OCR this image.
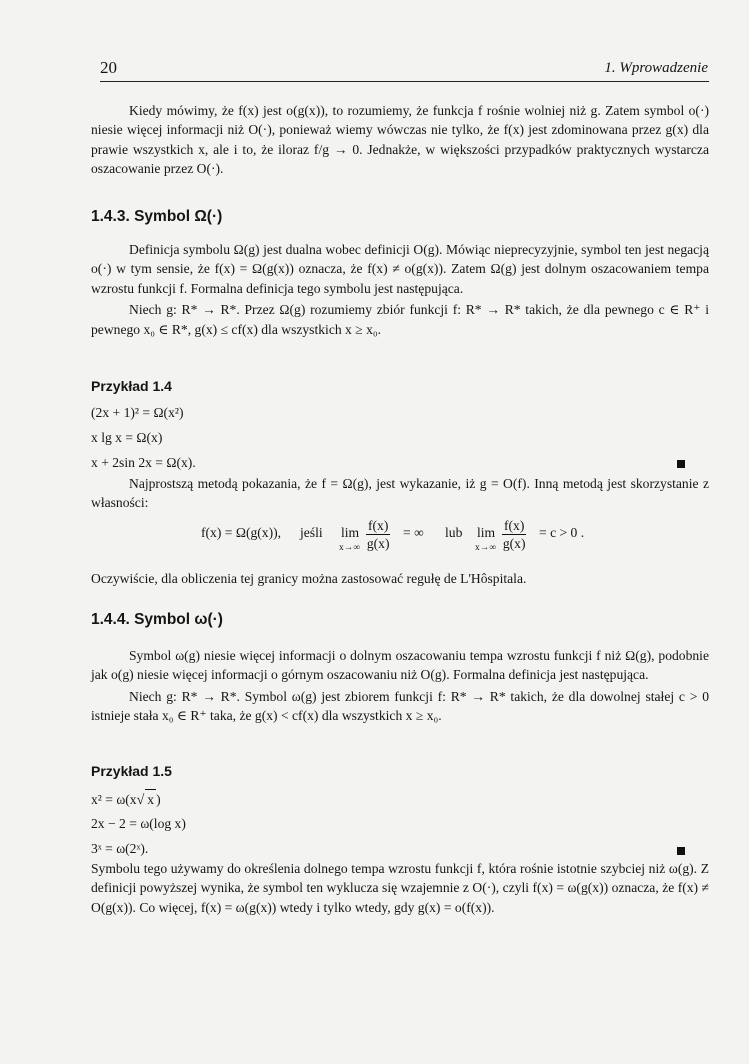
20	1. Wprowadzenie

Kiedy mówimy, że f(x) jest o(g(x)), to rozumiemy, że funkcja f rośnie wolniej niż g. Zatem symbol o(·) niesie więcej informacji niż O(·), ponieważ wiemy wówczas nie tylko, że f(x) jest zdominowana przez g(x) dla prawie wszystkich x, ale i to, że iloraz f/g → 0. Jednakże, w większości przypadków praktycznych wystarcza oszacowanie przez O(·).

1.4.3. Symbol Ω(·)

Definicja symbolu Ω(g) jest dualna wobec definicji O(g). Mówiąc nieprecyzyjnie, symbol ten jest negacją o(·) w tym sensie, że f(x) = Ω(g(x)) oznacza, że f(x) ≠ o(g(x)). Zatem Ω(g) jest dolnym oszacowaniem tempa wzrostu funkcji f. Formalna definicja tego symbolu jest następująca.

Niech g: R* → R*. Przez Ω(g) rozumiemy zbiór funkcji f: R* → R* takich, że dla pewnego c ∈ R⁺ i pewnego x₀ ∈ R*, g(x) ≤ cf(x) dla wszystkich x ≥ x₀.

Przykład 1.4
(2x + 1)² = Ω(x²)
x lg x = Ω(x)
x + 2sin 2x = Ω(x).

Najprostszą metodą pokazania, że f = Ω(g), jest wykazanie, iż g = O(f). Inną metodą jest skorzystanie z własności:

f(x) = Ω(g(x)), jeśli lim
$x\to\infty \frac{f(x)}{g(x)}$ = ∞ lub lim
$x\to\infty \frac{f(x)}{g(x)} = c > 0$ .

Oczywiście, dla obliczenia tej granicy można zastosować regułę de L'Hôspitala.

1.4.4. Symbol ω(·)

Symbol ω(g) niesie więcej informacji o dolnym oszacowaniu tempa wzrostu funkcji f niż Ω(g), podobnie jak o(g) niesie więcej informacji o górnym oszacowaniu niż O(g). Formalna definicja jest następująca.

Niech g: R* → R*. Symbol ω(g) jest zbiorem funkcji f: R* → R* takich, że dla dowolnej stałej c > 0 istnieje stała x₀ ∈ R⁺ taka, że g(x) < cf(x) dla wszystkich x ≥ x₀.

Przykład 1.5
x² = ω(x√ x )
2x − 2 = ω(log x)
3ˣ = ω(2ˣ).

Symbolu tego używamy do określenia dolnego tempa wzrostu funkcji f, która rośnie istotnie szybciej niż ω(g). Z definicji powyższej wynika, że symbol ten wyklucza się wzajemnie z O(·), czyli f(x) = ω(g(x)) oznacza, że f(x) ≠ O(g(x)). Co więcej, f(x) = ω(g(x)) wtedy i tylko wtedy, gdy g(x) = o(f(x)).
